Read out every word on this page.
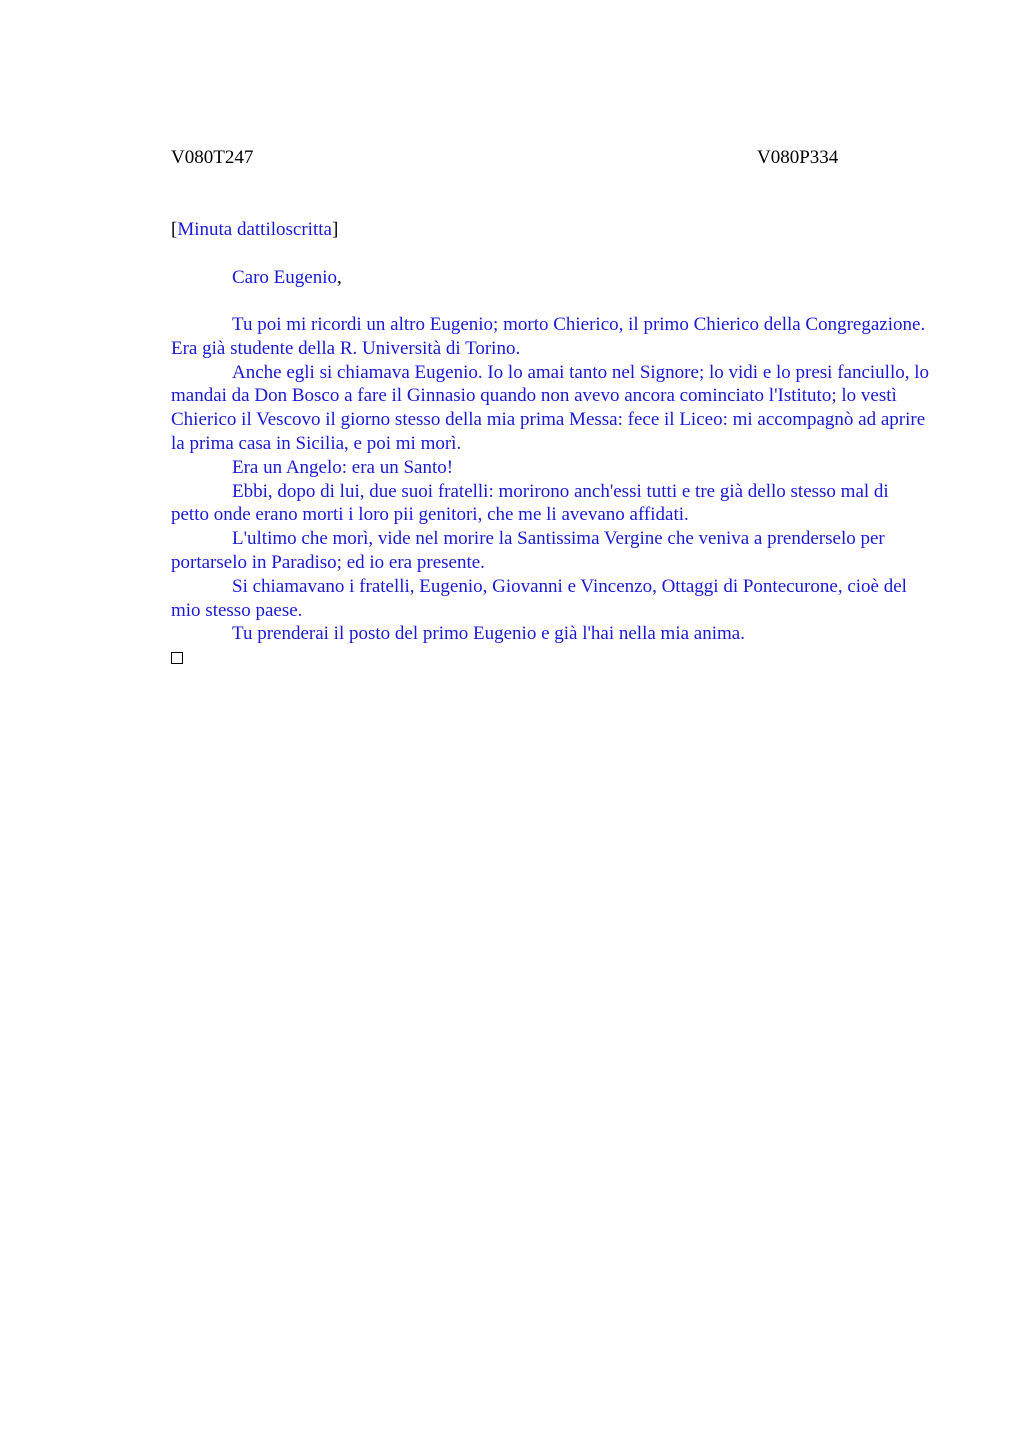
V080T247	V080P334
[Minuta dattiloscritta]
Caro Eugenio,

Tu poi mi ricordi un altro Eugenio; morto Chierico, il primo Chierico della Congregazione. Era già studente della R. Università di Torino.

Anche egli si chiamava Eugenio. Io lo amai tanto nel Signore; lo vidi e lo presi fanciullo, lo mandai da Don Bosco a fare il Ginnasio quando non avevo ancora cominciato l'Istituto; lo vestì Chierico il Vescovo il giorno stesso della mia prima Messa: fece il Liceo: mi accompagnò ad aprire la prima casa in Sicilia, e poi mi morì.

Era un Angelo: era un Santo!

Ebbi, dopo di lui, due suoi fratelli: morirono anch'essi tutti e tre già dello stesso mal di petto onde erano morti i loro pii genitori, che me li avevano affidati.

L'ultimo che morì, vide nel morire la Santissima Vergine che veniva a prenderselo per portarselo in Paradiso; ed io era presente.

Si chiamavano i fratelli, Eugenio, Giovanni e Vincenzo, Ottaggi di Pontecurone, cioè del mio stesso paese.

Tu prenderai il posto del primo Eugenio e già l'hai nella mia anima.
